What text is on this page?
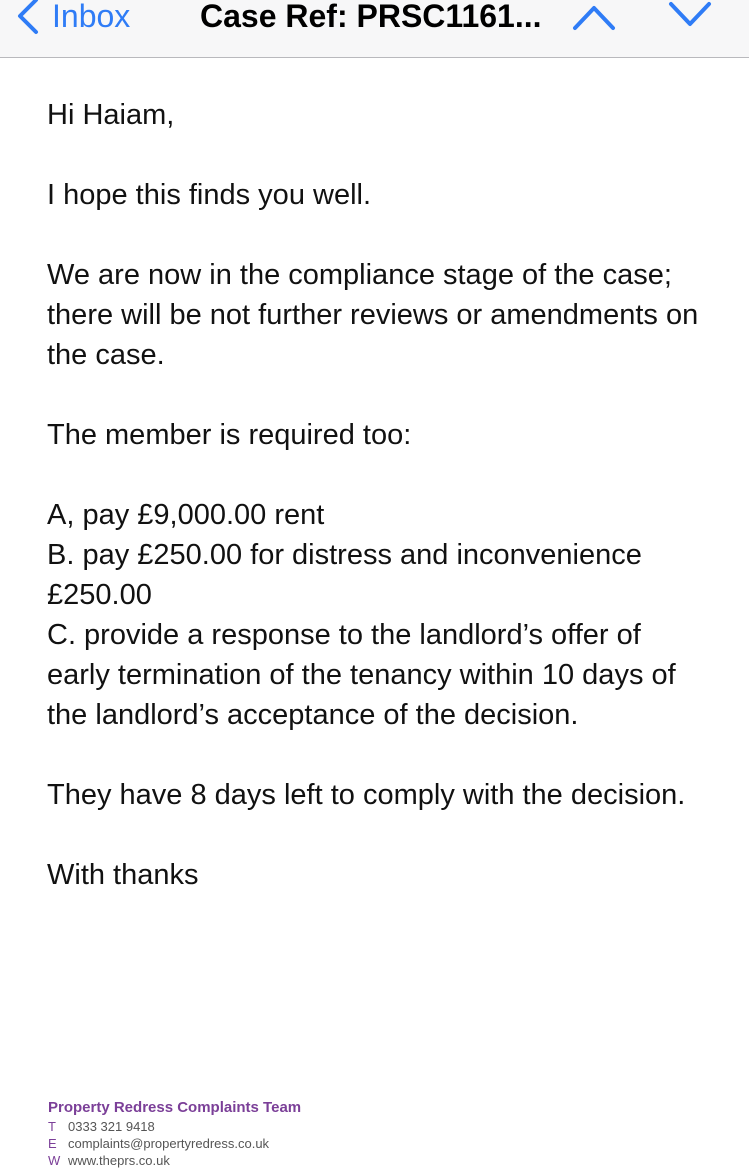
Inbox Case Ref: PRSC1161...

Hi Haiam,

I hope this finds you well.

We are now in the compliance stage of the case; there will be not further reviews or amendments on the case.

The member is required too:

A, pay £9,000.00 rent

B. pay £250.00 for distress and inconvenience £250.00

C. provide a response to the landlord’s offer of early termination of the tenancy within 10 days of the landlord’s acceptance of the decision.

They have 8 days left to comply with the decision.

With thanks

Property Redress Complaints Team
T 0333 321 9418
E complaints@propertyredress.co.uk
W www.theprs.co.uk
